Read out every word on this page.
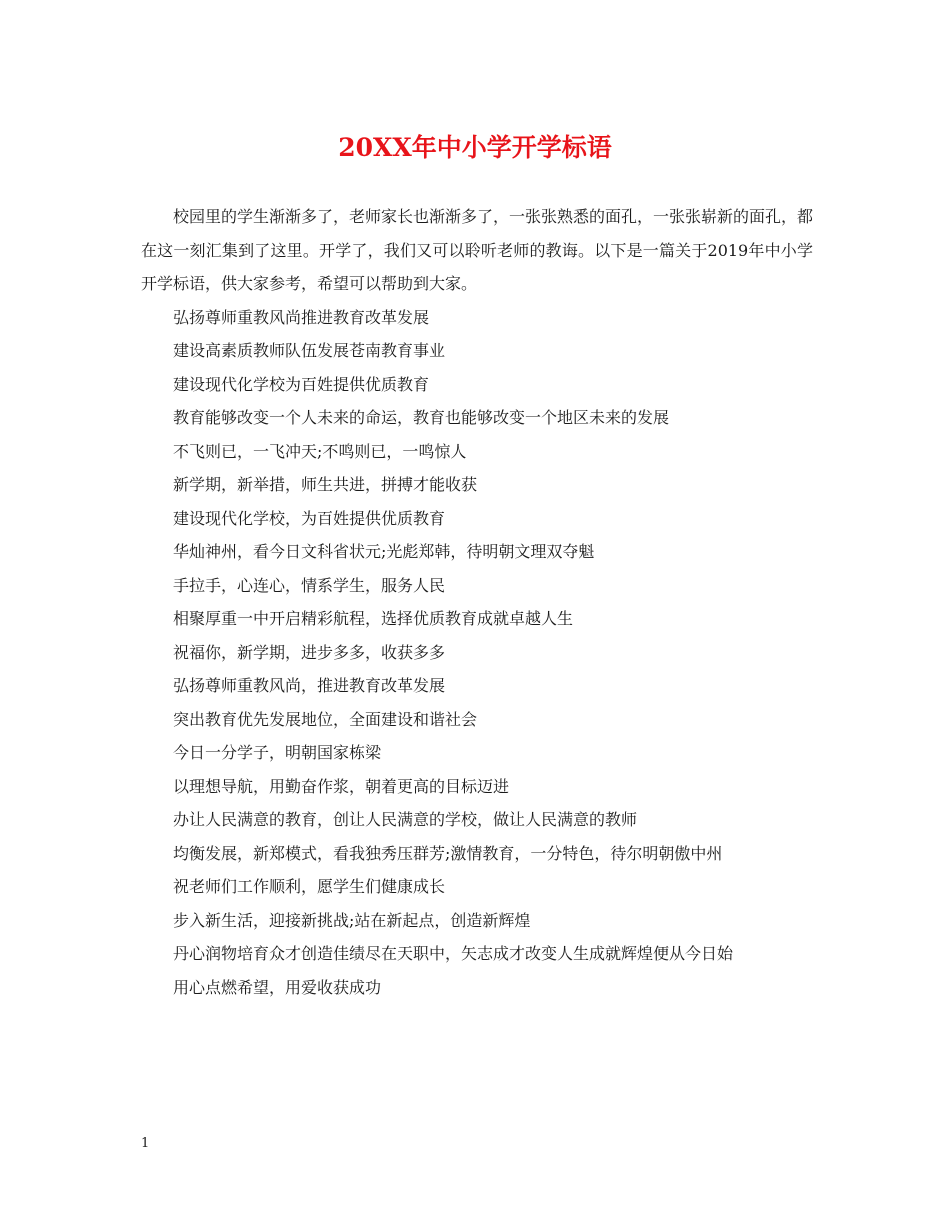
20XX年中小学开学标语

校园里的学生渐渐多了，老师家长也渐渐多了，一张张熟悉的面孔，一张张崭新的面孔，都在这一刻汇集到了这里。开学了，我们又可以聆听老师的教诲。以下是一篇关于2019年中小学开学标语，供大家参考，希望可以帮助到大家。

弘扬尊师重教风尚推进教育改革发展

建设高素质教师队伍发展苍南教育事业

建设现代化学校为百姓提供优质教育

教育能够改变一个人未来的命运，教育也能够改变一个地区未来的发展

不飞则已，一飞冲天;不鸣则已，一鸣惊人

新学期，新举措，师生共进，拼搏才能收获

建设现代化学校，为百姓提供优质教育

华灿神州，看今日文科省状元;光彪郑韩，待明朝文理双夺魁

手拉手，心连心，情系学生，服务人民

相聚厚重一中开启精彩航程，选择优质教育成就卓越人生

祝福你，新学期，进步多多，收获多多

弘扬尊师重教风尚，推进教育改革发展

突出教育优先发展地位，全面建设和谐社会

今日一分学子，明朝国家栋梁

以理想导航，用勤奋作浆，朝着更高的目标迈进

办让人民满意的教育，创让人民满意的学校，做让人民满意的教师

均衡发展，新郑模式，看我独秀压群芳;激情教育，一分特色，待尔明朝傲中州

祝老师们工作顺利，愿学生们健康成长

步入新生活，迎接新挑战;站在新起点，创造新辉煌

丹心润物培育众才创造佳绩尽在天职中，矢志成才改变人生成就辉煌便从今日始

用心点燃希望，用爱收获成功

1
